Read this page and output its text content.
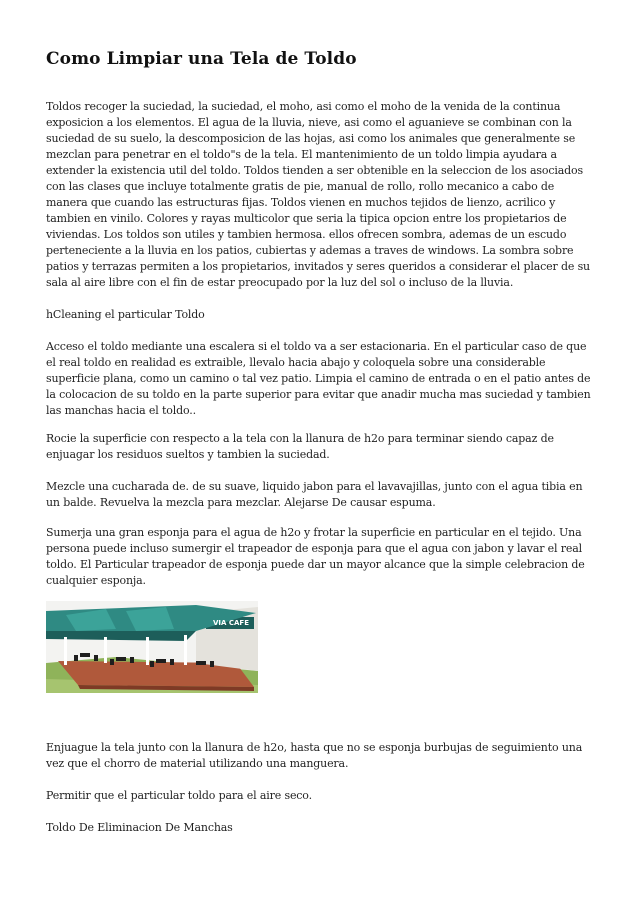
Como Limpiar una Tela de Toldo

Toldos recoger la suciedad, la suciedad, el moho, asi como el moho de la venida de la continua exposicion a los elementos. El agua de la lluvia, nieve, asi como el aguanieve se combinan con la suciedad de su suelo, la descomposicion de las hojas, asi como los animales que generalmente se mezclan para penetrar en el toldo"s de la tela. El mantenimiento de un toldo limpia ayudara a extender la existencia util del toldo. Toldos tienden a ser obtenible en la seleccion de los asociados con las clases que incluye totalmente gratis de pie, manual de rollo, rollo mecanico a cabo de manera que cuando las estructuras fijas. Toldos vienen en muchos tejidos de lienzo, acrilico y tambien en vinilo. Colores y rayas multicolor que seria la tipica opcion entre los propietarios de viviendas. Los toldos son utiles y tambien hermosa. ellos ofrecen sombra, ademas de un escudo perteneciente a la lluvia en los patios, cubiertas y ademas a traves de windows. La sombra sobre patios y terrazas permiten a los propietarios, invitados y seres queridos a considerar el placer de su sala al aire libre con el fin de estar preocupado por la luz del sol o incluso de la lluvia.

hCleaning el particular Toldo

Acceso el toldo mediante una escalera si el toldo va a ser estacionaria. En el particular caso de que el real toldo en realidad es extraible, llevalo hacia abajo y coloquela sobre una considerable superficie plana, como un camino o tal vez patio. Limpia el camino de entrada o en el patio antes de la colocacion de su toldo en la parte superior para evitar que anadir mucha mas suciedad y tambien las manchas hacia el toldo..

Rocie la superficie con respecto a la tela con la llanura de h2o para terminar siendo capaz de enjuagar los residuos sueltos y tambien la suciedad.

Mezcle una cucharada de. de su suave, liquido jabon para el lavavajillas, junto con el agua tibia en un balde. Revuelva la mezcla para mezclar. Alejarse De causar espuma.

Sumerja una gran esponja para el agua de h2o y frotar la superficie en particular en el tejido. Una persona puede incluso sumergir el trapeador de esponja para que el agua con jabon y lavar el real toldo. El Particular trapeador de esponja puede dar un mayor alcance que la simple celebracion de cualquier esponja.

VIA CAFE

Enjuague la tela junto con la llanura de h2o, hasta que no se esponja burbujas de seguimiento una vez que el chorro de material utilizando una manguera.

Permitir que el particular toldo para el aire seco.

Toldo De Eliminacion De Manchas
